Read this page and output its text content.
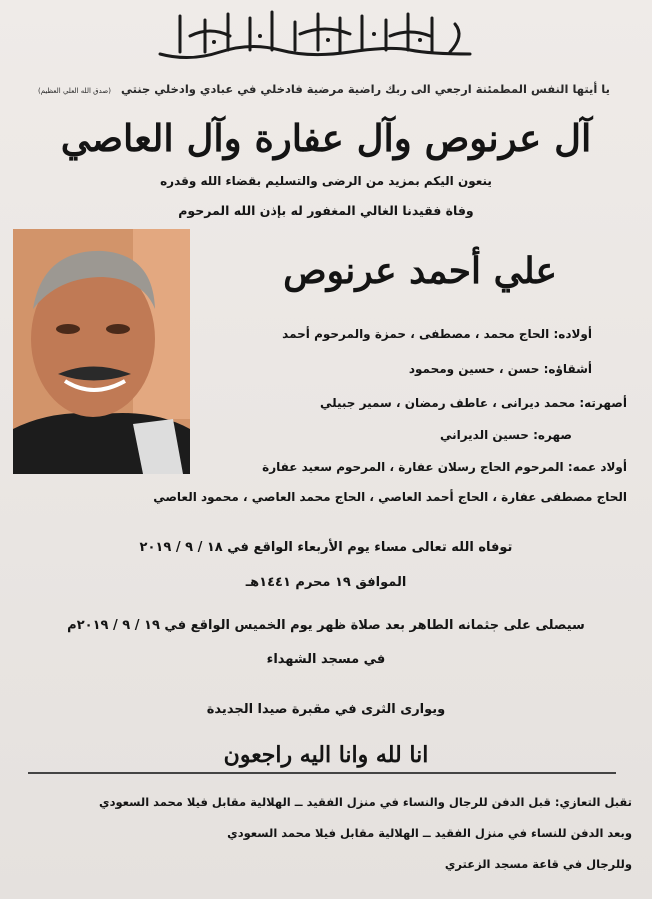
يا أيتها النفس المطمئنة ارجعي الى ربك راضية مرضية فادخلي في عبادي وادخلي جنتي (صدق الله العلي العظيم)
آل عرنوص وآل عفارة وآل العاصي
ينعون اليكم بمزيد من الرضى والتسليم بقضاء الله وقدره
وفاة فقيدنا الغالي المغفور له بإذن الله المرحوم
علي أحمد عرنوص
أولاده: الحاج محمد ، مصطفى ، حمزة والمرحوم أحمد
أشقاؤه: حسن ، حسين ومحمود
أصهرته: محمد ديرانى ، عاطف رمضان ، سمير جبيلي
صهره: حسين الديراني
أولاد عمه: المرحوم الحاج رسلان عفارة ، المرحوم سعيد عفارة
الحاج مصطفى عفارة ، الحاج أحمد العاصي ، الحاج محمد العاصي ، محمود العاصي
توفاه الله تعالى مساء يوم الأربعاء الواقع في ١٨ / ٩ / ٢٠١٩
الموافق ١٩ محرم ١٤٤١هـ
سيصلى على جثمانه الطاهر بعد صلاة ظهر يوم الخميس الواقع في ١٩ / ٩ / ٢٠١٩م
في مسجد الشهداء
ويوارى الثرى في مقبرة صيدا الجديدة
انا لله وانا اليه راجعون
تقبل التعازي: قبل الدفن للرجال والنساء في منزل الفقيد ــ الهلالية مقابل فيلا محمد السعودي
وبعد الدفن للنساء في منزل الفقيد ــ الهلالية مقابل فيلا محمد السعودي
وللرجال في قاعة مسجد الزعتري
